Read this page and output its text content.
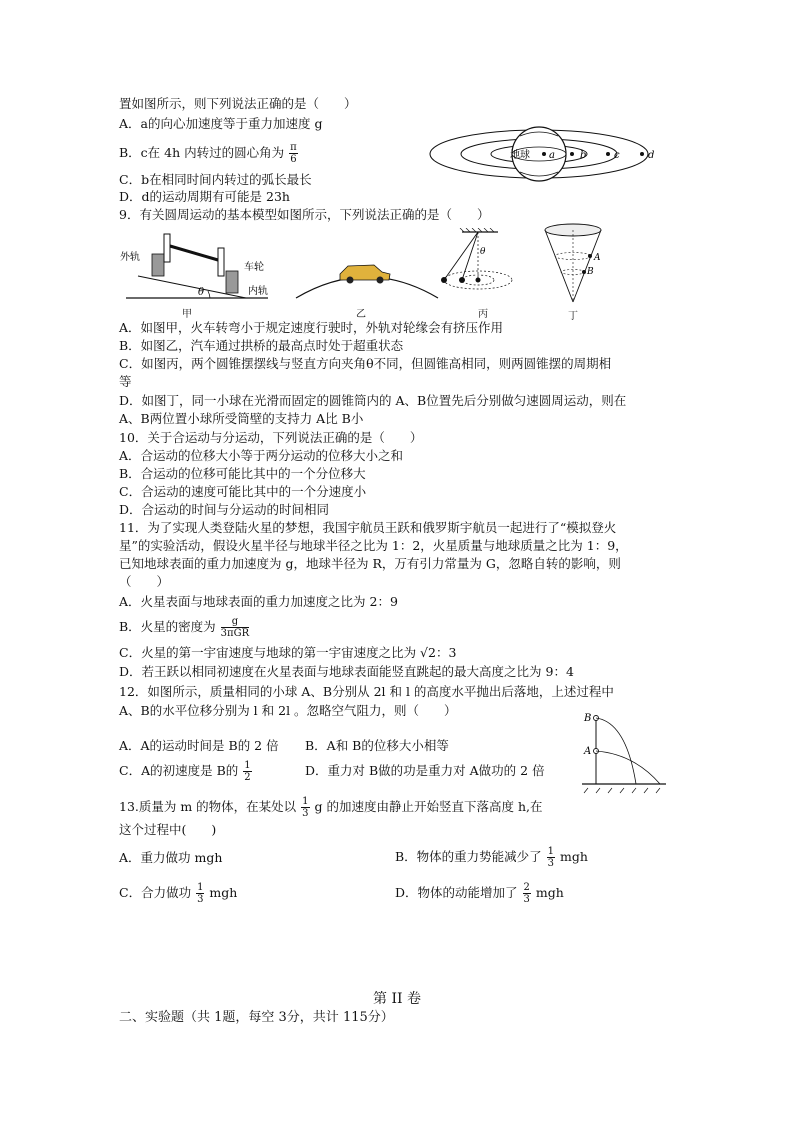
置如图所示，则下列说法正确的是（　　）
A．a的向心加速度等于重力加速度 g
B．c在 4h 内转过的圆心角为 $\frac{\pi}{6}$
C．b在相同时间内转过的弧长最长
D．d的运动周期有可能是 23h
地球 a	b	c	d
9．有关圆周运动的基本模型如图所示，下列说法正确的是（　　）
θ
外轨
车轮
内轨
甲	乙
θ
丙
A
B
丁
A．如图甲，火车转弯小于规定速度行驶时，外轨对轮缘会有挤压作用
B．如图乙，汽车通过拱桥的最高点时处于超重状态
C．如图丙，两个圆锥摆摆线与竖直方向夹角θ不同，但圆锥高相同，则两圆锥摆的周期相
等
D．如图丁，同一小球在光滑而固定的圆锥筒内的 A、B位置先后分别做匀速圆周运动，则在
A、B两位置小球所受筒壁的支持力 A比 B小
10．关于合运动与分运动，下列说法正确的是（　　）
A．合运动的位移大小等于两分运动的位移大小之和
B．合运动的位移可能比其中的一个分位移大
C．合运动的速度可能比其中的一个分速度小
D．合运动的时间与分运动的时间相同
11．为了实现人类登陆火星的梦想，我国宇航员王跃和俄罗斯宇航员一起进行了“模拟登火
星”的实验活动，假设火星半径与地球半径之比为 1：2，火星质量与地球质量之比为 1：9，
已知地球表面的重力加速度为 g，地球半径为 R，万有引力常量为 G，忽略自转的影响，则
（　　）
A．火星表面与地球表面的重力加速度之比为 2：9
B．火星的密度为 $\frac{g}{\text{3πGR}}$
C．火星的第一宇宙速度与地球的第一宇宙速度之比为 √2：3
D．若王跃以相同初速度在火星表面与地球表面能竖直跳起的最大高度之比为 9：4
12．如图所示，质量相同的小球 A、B分别从 2l 和 l 的高度水平抛出后落地，上述过程中
A、B的水平位移分别为 l 和 2l 。忽略空气阻力，则（　　）
B
A
A．A的运动时间是 B的 2 倍 B．A和 B的位移大小相等
C．A的初速度是 B的 $\frac{1}{2}$	D．重力对 B做的功是重力对 A做功的 2 倍
13.质量为 m 的物体，在某处以 $\frac{1}{3}$ g 的加速度由静止开始竖直下落高度 h,在
这个过程中(　　)
A．重力做功 mgh	B．物体的重力势能减少了 $\frac{1}{3}$ mgh
C．合力做功 $\frac{1}{3}$ mgh	D．物体的动能增加了 $\frac{2}{3}$ mgh
第 II 卷
二、实验题（共 1题，每空 3分，共计 115分）
